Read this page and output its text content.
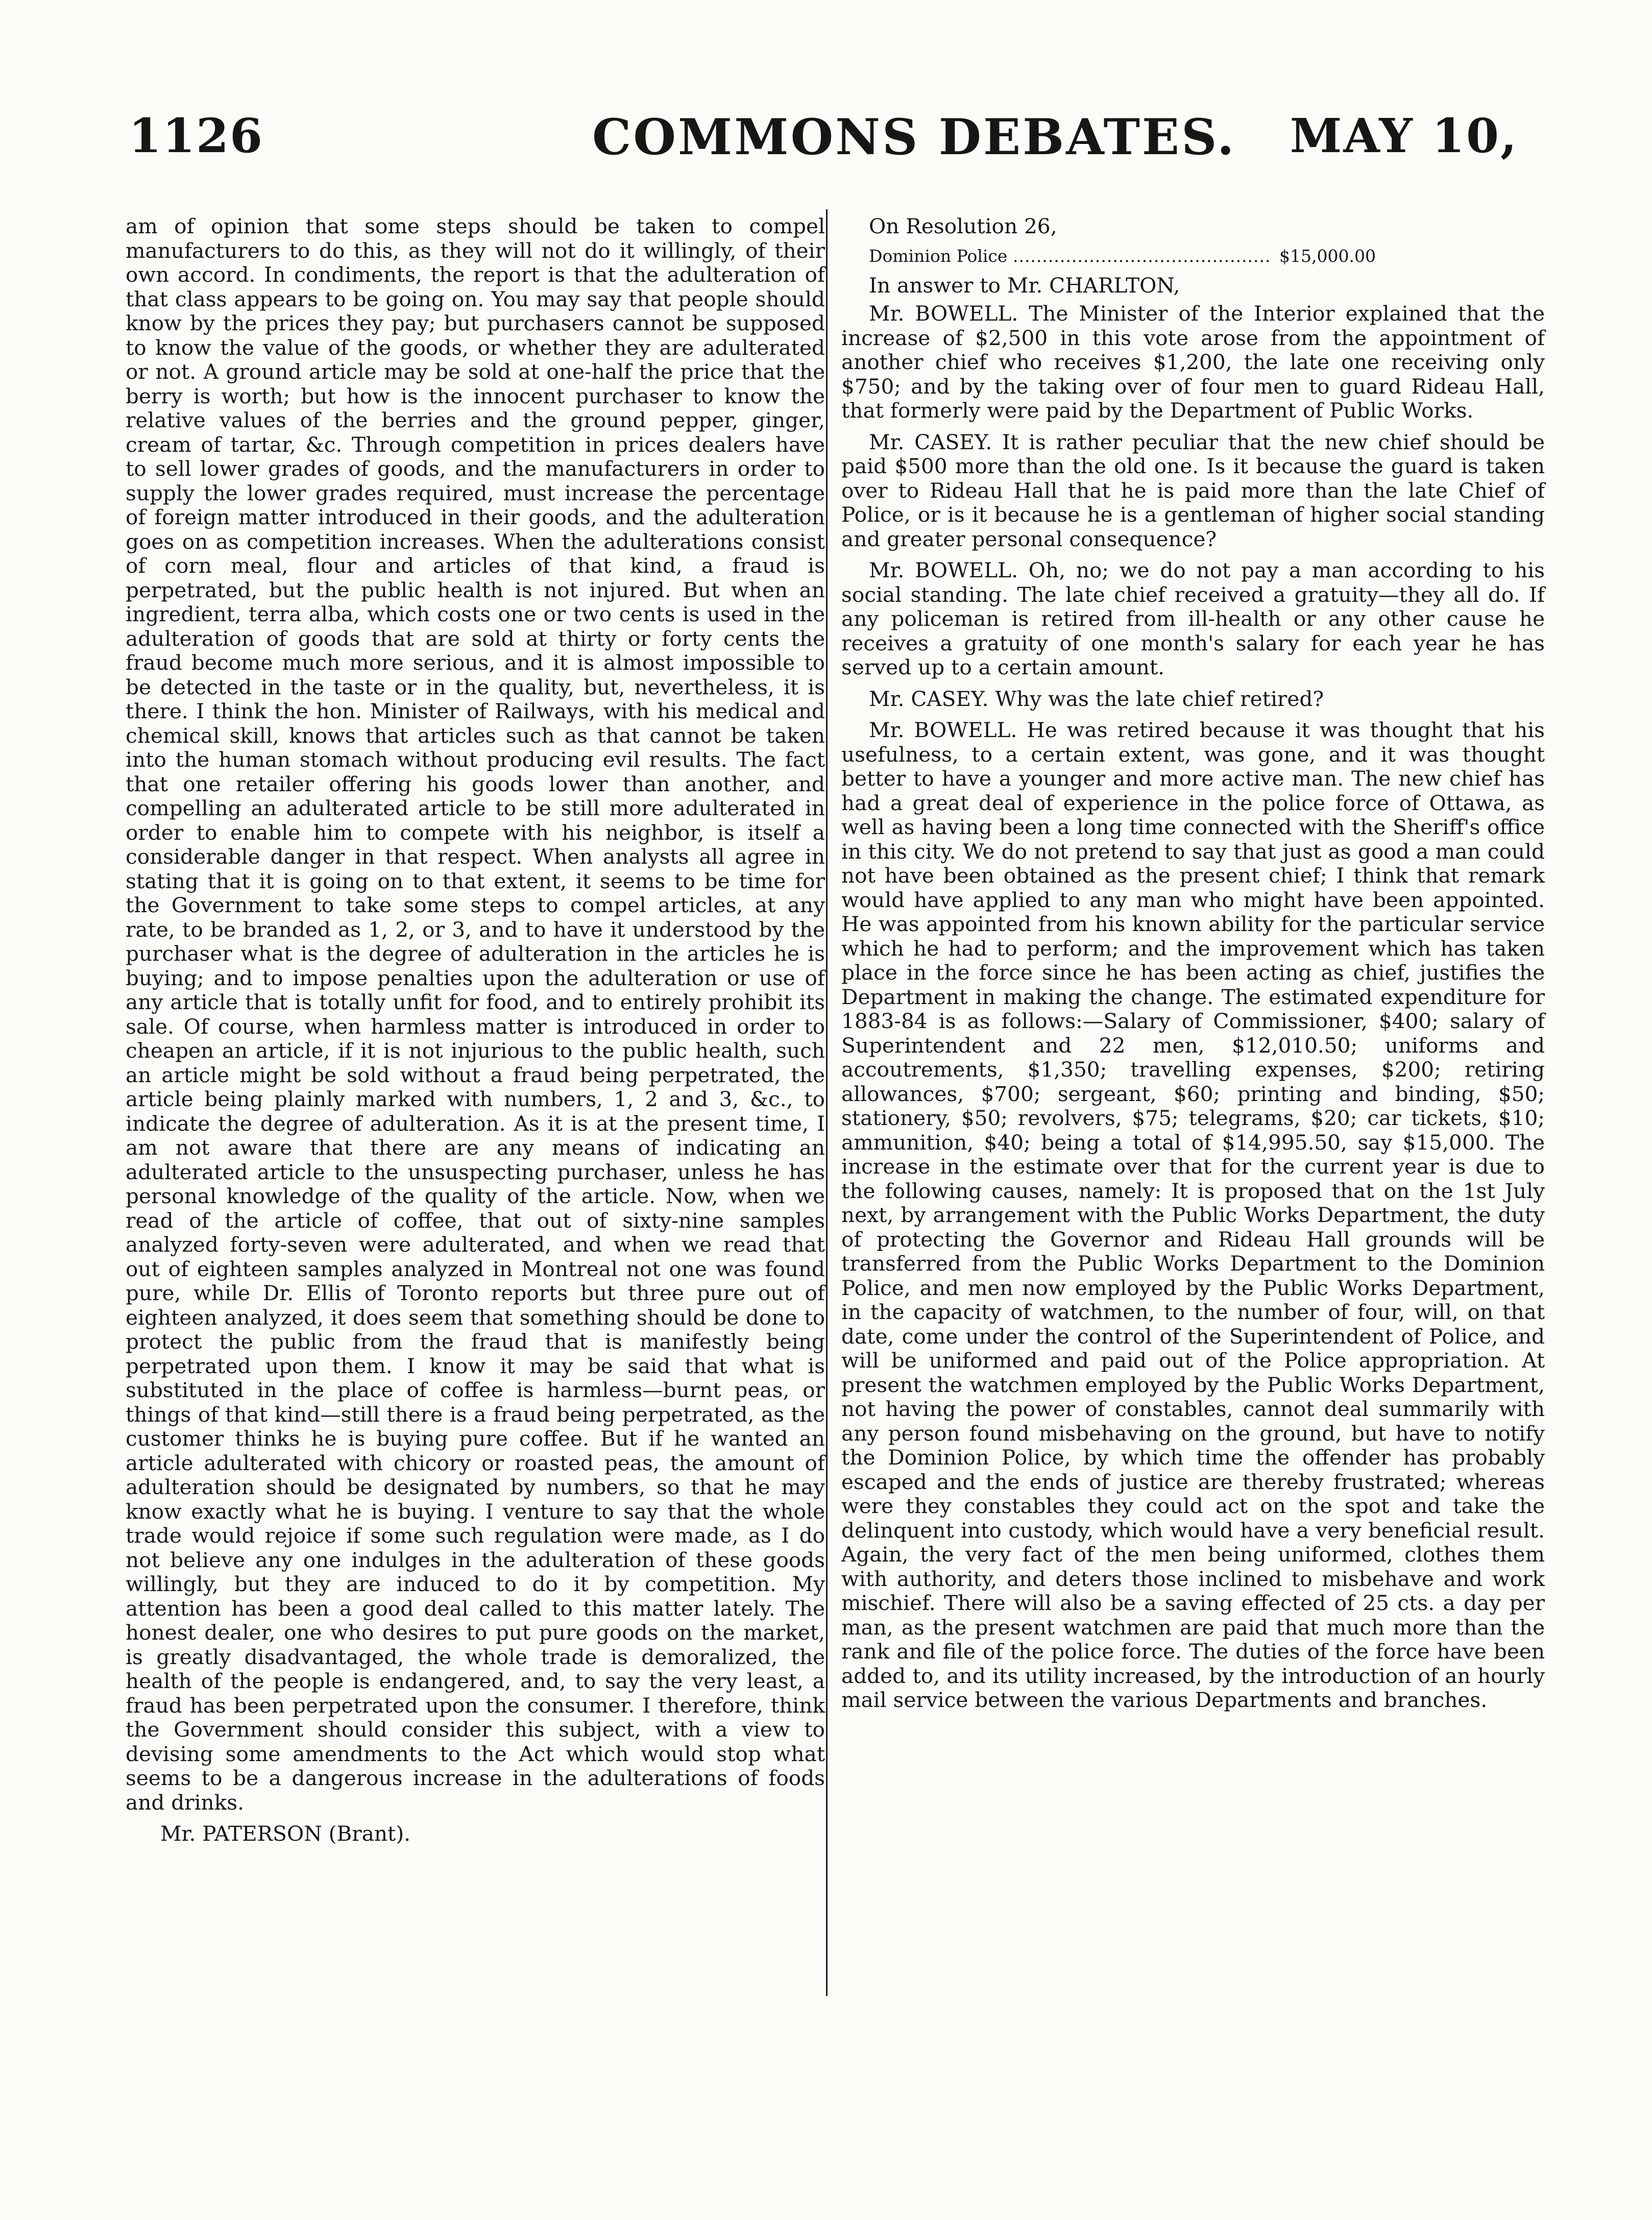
1126	COMMONS DEBATES. MAY 10,

am of opinion that some steps should be taken to compel manufacturers to do this, as they will not do it willingly, of their own accord. In condiments, the report is that the adulteration of that class appears to be going on. You may say that people should know by the prices they pay; but purchasers cannot be supposed to know the value of the goods, or whether they are adulterated or not. A ground article may be sold at one-half the price that the berry is worth; but how is the innocent purchaser to know the relative values of the berries and the ground pepper, ginger, cream of tartar, &c. Through competition in prices dealers have to sell lower grades of goods, and the manufacturers in order to supply the lower grades required, must increase the percentage of foreign matter introduced in their goods, and the adulteration goes on as competition increases. When the adulterations consist of corn meal, flour and articles of that kind, a fraud is perpetrated, but the public health is not injured. But when an ingredient, terra alba, which costs one or two cents is used in the adulteration of goods that are sold at thirty or forty cents the fraud become much more serious, and it is almost impossible to be detected in the taste or in the quality, but, nevertheless, it is there. I think the hon. Minister of Railways, with his medical and chemical skill, knows that articles such as that cannot be taken into the human stomach without producing evil results. The fact that one retailer offering his goods lower than another, and compelling an adulterated article to be still more adulterated in order to enable him to compete with his neighbor, is itself a considerable danger in that respect. When analysts all agree in stating that it is going on to that extent, it seems to be time for the Government to take some steps to compel articles, at any rate, to be branded as 1, 2, or 3, and to have it understood by the purchaser what is the degree of adulteration in the articles he is buying; and to impose penalties upon the adulteration or use of any article that is totally unfit for food, and to entirely prohibit its sale. Of course, when harmless matter is introduced in order to cheapen an article, if it is not injurious to the public health, such an article might be sold without a fraud being perpetrated, the article being plainly marked with numbers, 1, 2 and 3, &c., to indicate the degree of adulteration. As it is at the present time, I am not aware that there are any means of indicating an adulterated article to the unsuspecting purchaser, unless he has personal knowledge of the quality of the article. Now, when we read of the article of coffee, that out of sixty-nine samples analyzed forty-seven were adulterated, and when we read that out of eighteen samples analyzed in Montreal not one was found pure, while Dr. Ellis of Toronto reports but three pure out of eighteen analyzed, it does seem that something should be done to protect the public from the fraud that is manifestly being perpetrated upon them. I know it may be said that what is substituted in the place of coffee is harmless—burnt peas, or things of that kind—still there is a fraud being perpetrated, as the customer thinks he is buying pure coffee. But if he wanted an article adulterated with chicory or roasted peas, the amount of adulteration should be designated by numbers, so that he may know exactly what he is buying. I venture to say that the whole trade would rejoice if some such regulation were made, as I do not believe any one indulges in the adulteration of these goods willingly, but they are induced to do it by competition. My attention has been a good deal called to this matter lately. The honest dealer, one who desires to put pure goods on the market, is greatly disadvantaged, the whole trade is demoralized, the health of the people is endangered, and, to say the very least, a fraud has been perpetrated upon the consumer. I therefore, think the Government should consider this subject, with a view to devising some amendments to the Act which would stop what seems to be a dangerous increase in the adulterations of foods and drinks.

Mr. PATERSON (Brant).

On Resolution 26,

Dominion Police ............................................ $15,000.00

In answer to Mr. CHARLTON,

Mr. BOWELL. The Minister of the Interior explained that the increase of $2,500 in this vote arose from the appointment of another chief who receives $1,200, the late one receiving only $750; and by the taking over of four men to guard Rideau Hall, that formerly were paid by the Department of Public Works.

Mr. CASEY. It is rather peculiar that the new chief should be paid $500 more than the old one. Is it because the guard is taken over to Rideau Hall that he is paid more than the late Chief of Police, or is it because he is a gentleman of higher social standing and greater personal consequence?

Mr. BOWELL. Oh, no; we do not pay a man according to his social standing. The late chief received a gratuity—they all do. If any policeman is retired from ill-health or any other cause he receives a gratuity of one month's salary for each year he has served up to a certain amount.

Mr. CASEY. Why was the late chief retired?

Mr. BOWELL. He was retired because it was thought that his usefulness, to a certain extent, was gone, and it was thought better to have a younger and more active man. The new chief has had a great deal of experience in the police force of Ottawa, as well as having been a long time connected with the Sheriff's office in this city. We do not pretend to say that just as good a man could not have been obtained as the present chief; I think that remark would have applied to any man who might have been appointed. He was appointed from his known ability for the particular service which he had to perform; and the improvement which has taken place in the force since he has been acting as chief, justifies the Department in making the change. The estimated expenditure for 1883-84 is as follows:—Salary of Commissioner, $400; salary of Superintendent and 22 men, $12,010.50; uniforms and accoutrements, $1,350; travelling expenses, $200; retiring allowances, $700; sergeant, $60; printing and binding, $50; stationery, $50; revolvers, $75; telegrams, $20; car tickets, $10; ammunition, $40; being a total of $14,995.50, say $15,000. The increase in the estimate over that for the current year is due to the following causes, namely: It is proposed that on the 1st July next, by arrangement with the Public Works Department, the duty of protecting the Governor and Rideau Hall grounds will be transferred from the Public Works Department to the Dominion Police, and men now employed by the Public Works Department, in the capacity of watchmen, to the number of four, will, on that date, come under the control of the Superintendent of Police, and will be uniformed and paid out of the Police appropriation. At present the watchmen employed by the Public Works Department, not having the power of constables, cannot deal summarily with any person found misbehaving on the ground, but have to notify the Dominion Police, by which time the offender has probably escaped and the ends of justice are thereby frustrated; whereas were they constables they could act on the spot and take the delinquent into custody, which would have a very beneficial result. Again, the very fact of the men being uniformed, clothes them with authority, and deters those inclined to misbehave and work mischief. There will also be a saving effected of 25 cts. a day per man, as the present watchmen are paid that much more than the rank and file of the police force. The duties of the force have been added to, and its utility increased, by the introduction of an hourly mail service between the various Departments and branches.
